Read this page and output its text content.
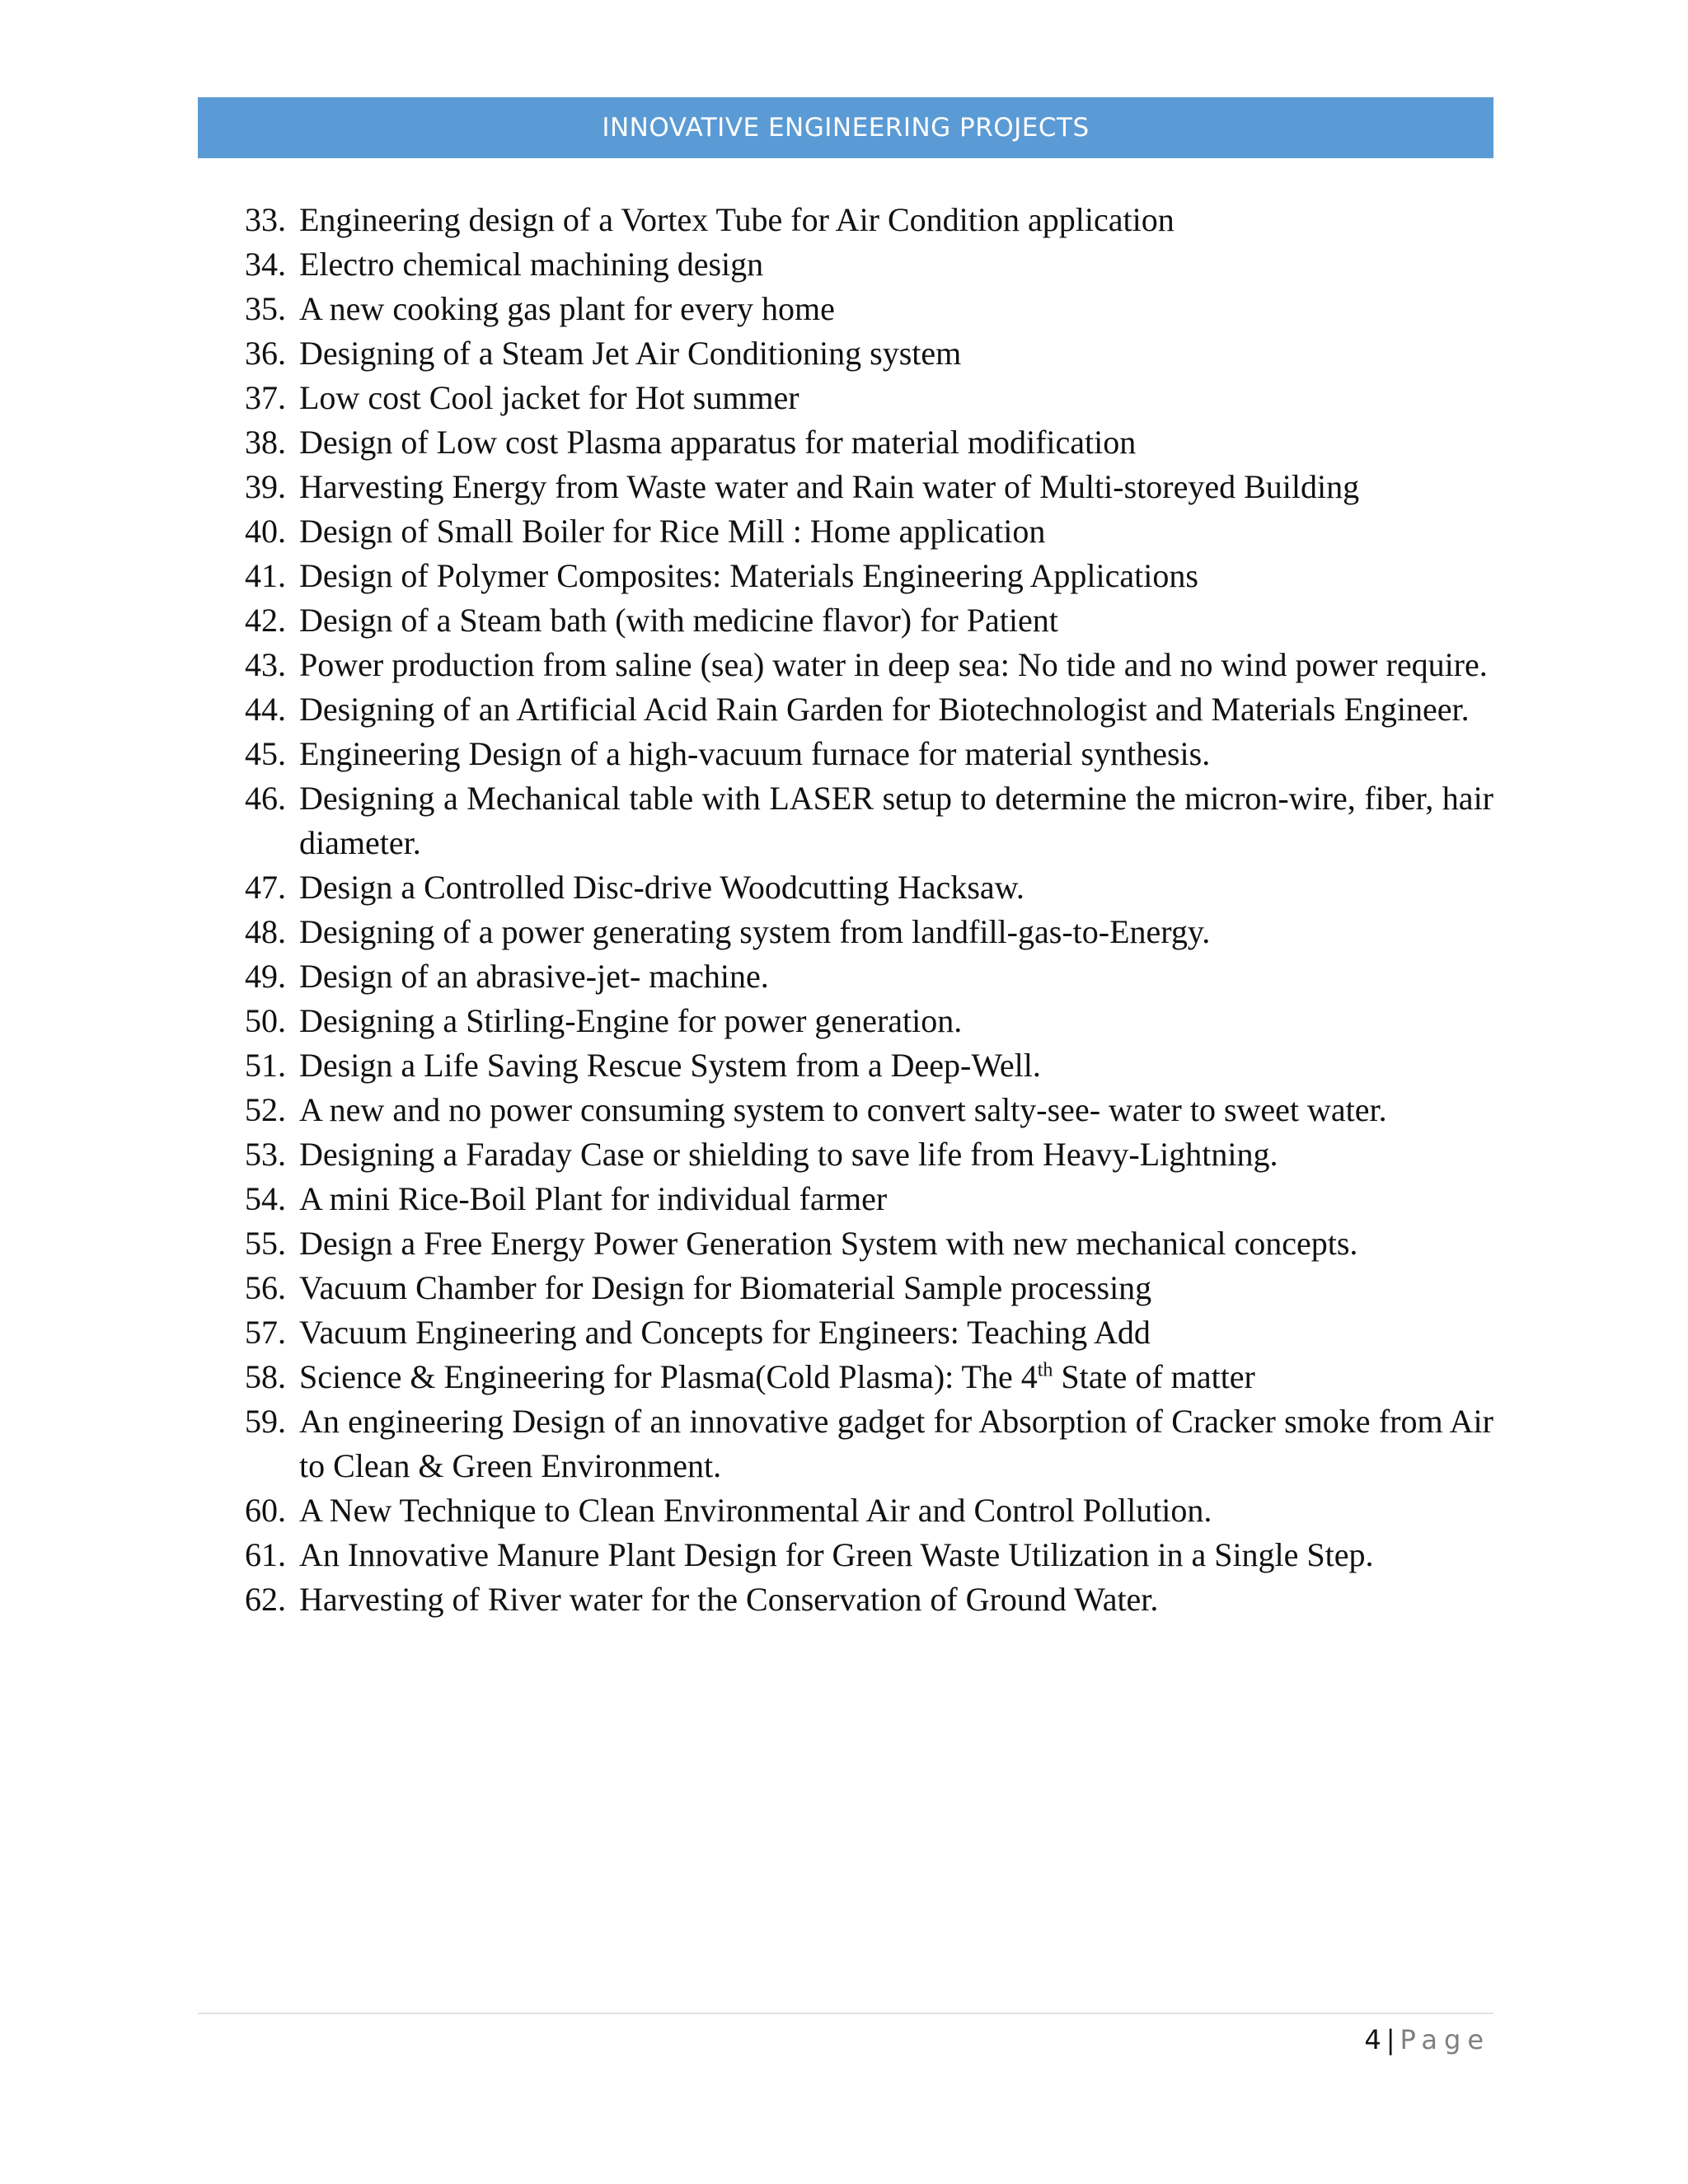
INNOVATIVE ENGINEERING PROJECTS
33. Engineering design of a Vortex Tube for Air Condition application
34. Electro chemical machining design
35. A new cooking gas plant for every home
36. Designing of a Steam Jet Air Conditioning system
37. Low cost Cool jacket for Hot summer
38. Design of Low cost Plasma apparatus for material modification
39. Harvesting Energy from Waste water and Rain water of Multi-storeyed Building
40. Design of Small Boiler for Rice Mill : Home application
41. Design of Polymer Composites: Materials Engineering Applications
42. Design of a Steam bath (with medicine flavor) for Patient
43. Power production from saline (sea) water in deep sea: No tide and no wind power require.
44. Designing of an Artificial Acid Rain Garden for Biotechnologist and Materials Engineer.
45. Engineering Design of a high-vacuum furnace for material synthesis.
46. Designing a Mechanical table with LASER setup to determine the micron-wire, fiber, hair diameter.
47. Design a Controlled Disc-drive Woodcutting Hacksaw.
48. Designing of a power generating system from landfill-gas-to-Energy.
49. Design of an abrasive-jet- machine.
50. Designing a Stirling-Engine for power generation.
51. Design a Life Saving Rescue System from a Deep-Well.
52. A new and no power consuming system to convert salty-see- water to sweet water.
53. Designing a Faraday Case or shielding to save life from Heavy-Lightning.
54. A mini Rice-Boil Plant for individual farmer
55. Design a Free Energy Power Generation System with new mechanical concepts.
56. Vacuum Chamber for Design for Biomaterial Sample processing
57. Vacuum Engineering and Concepts for Engineers: Teaching Add
58. Science & Engineering for Plasma(Cold Plasma): The 4th State of matter
59. An engineering Design of an innovative gadget for Absorption of Cracker smoke from Air to Clean & Green Environment.
60. A New Technique to Clean Environmental Air and Control Pollution.
61. An Innovative Manure Plant Design for Green Waste Utilization in a Single Step.
62. Harvesting of River water for the Conservation of Ground Water.
4 | Page
